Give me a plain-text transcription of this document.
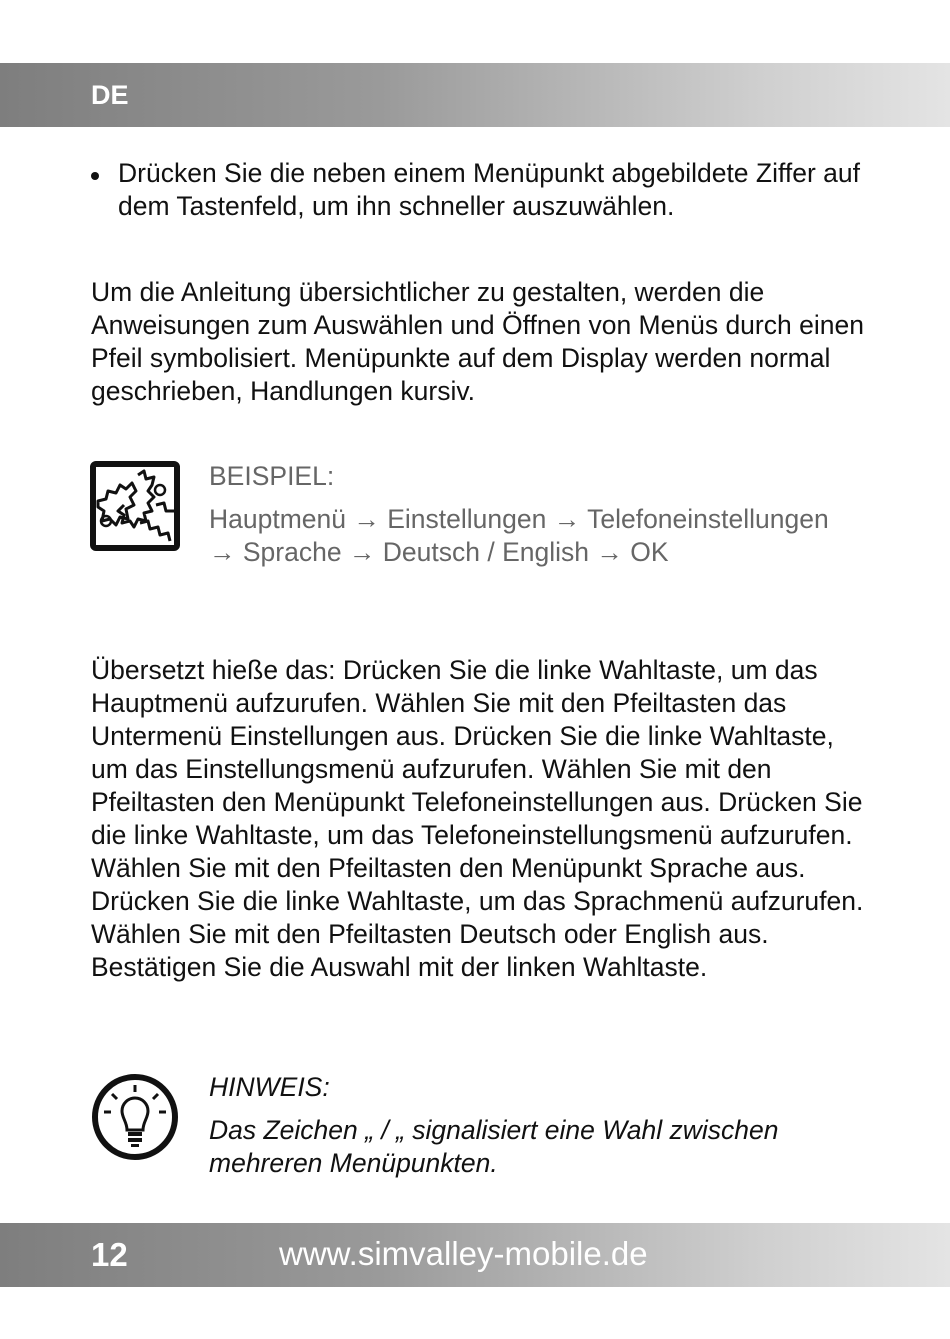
DE
Drücken Sie die neben einem Menüpunkt abgebildete Ziffer auf dem Tastenfeld, um ihn schneller auszuwählen.
Um die Anleitung übersichtlicher zu gestalten, werden die Anweisungen zum Auswählen und Öffnen von Menüs durch einen Pfeil symbolisiert. Menüpunkte auf dem Display werden normal geschrieben, Handlungen kursiv.
BEISPIEL:
Hauptmenü → Einstellungen → Telefoneinstellungen → Sprache → Deutsch / English → OK
Übersetzt hieße das: Drücken Sie die linke Wahltaste, um das Hauptmenü aufzurufen. Wählen Sie mit den Pfeiltasten das Untermenü Einstellungen aus. Drücken Sie die linke Wahltaste, um das Einstellungsmenü aufzurufen. Wählen Sie mit den Pfeiltasten den Menüpunkt Telefoneinstellungen aus. Drücken Sie die linke Wahltaste, um das Telefoneinstellungsmenü aufzurufen. Wählen Sie mit den Pfeiltasten den Menüpunkt Sprache aus. Drücken Sie die linke Wahltaste, um das Sprachmenü aufzurufen. Wählen Sie mit den Pfeiltasten Deutsch oder English aus. Bestätigen Sie die Auswahl mit der linken Wahltaste.
HINWEIS:
Das Zeichen „ / „ signalisiert eine Wahl zwischen mehreren Menüpunkten.
12	www.simvalley-mobile.de
